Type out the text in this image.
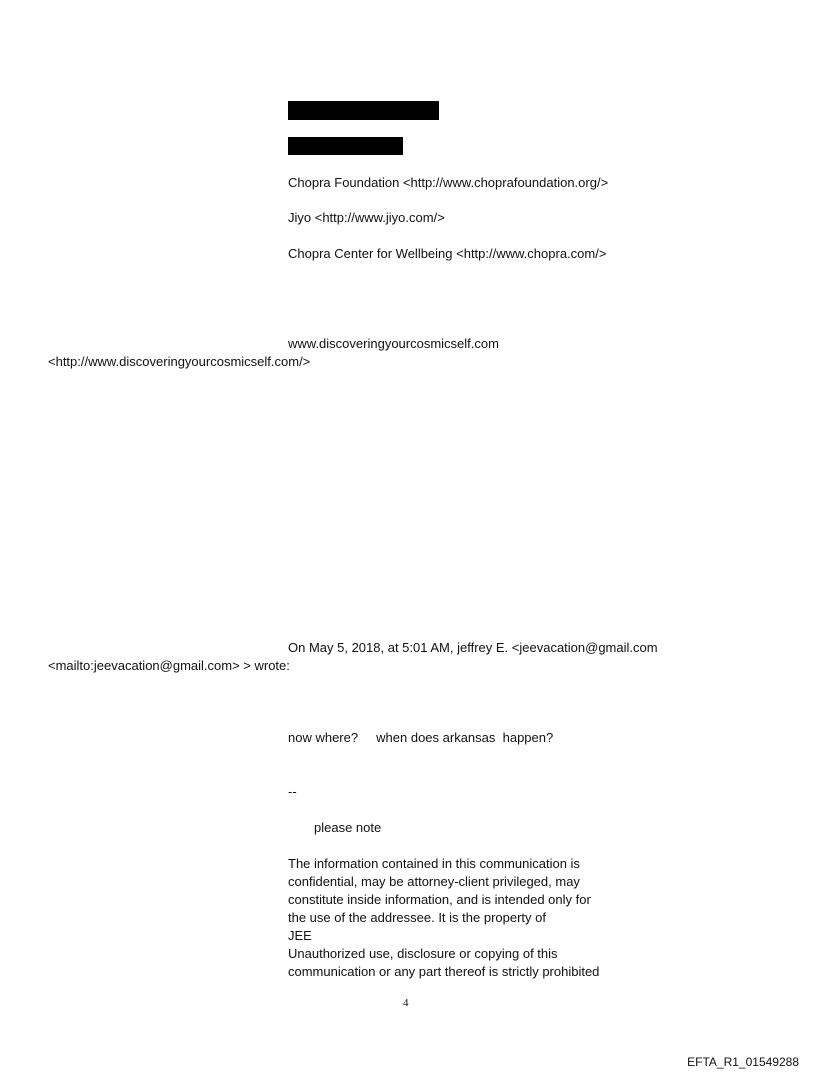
Chopra Foundation <http://www.choprafoundation.org/>

Jiyo <http://www.jiyo.com/>

Chopra Center for Wellbeing <http://www.chopra.com/>

www.discoveringyourcosmicself.com

<http://www.discoveringyourcosmicself.com/>

On May 5, 2018, at 5:01 AM, jeffrey E. <jeevacation@gmail.com

<mailto:jeevacation@gmail.com> > wrote:

now where?     when does arkansas  happen?

--

please note

The information contained in this communication is
confidential, may be attorney-client privileged, may
constitute inside information, and is intended only for
the use of the addressee. It is the property of
JEE
Unauthorized use, disclosure or copying of this
communication or any part thereof is strictly prohibited
4
EFTA_R1_01549288
